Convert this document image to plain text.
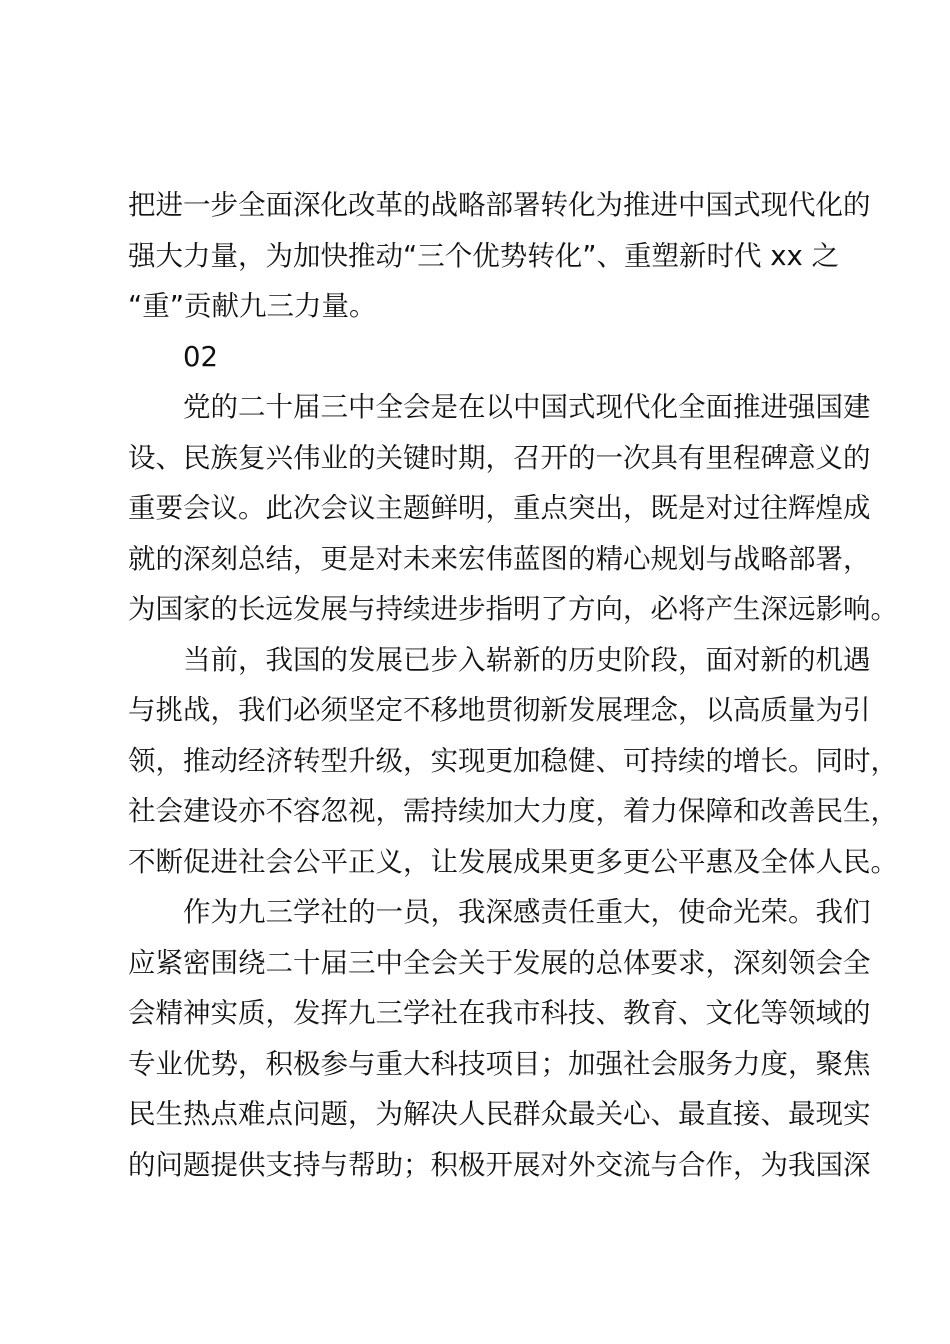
把进一步全面深化改革的战略部署转化为推进中国式现代化的
强大力量，为加快推动“三个优势转化”、重塑新时代 xx 之
“重”贡献九三力量。
02
党的二十届三中全会是在以中国式现代化全面推进强国建
设、民族复兴伟业的关键时期，召开的一次具有里程碑意义的
重要会议。此次会议主题鲜明，重点突出，既是对过往辉煌成
就的深刻总结，更是对未来宏伟蓝图的精心规划与战略部署，
为国家的长远发展与持续进步指明了方向，必将产生深远影响。
当前，我国的发展已步入崭新的历史阶段，面对新的机遇
与挑战，我们必须坚定不移地贯彻新发展理念，以高质量为引
领，推动经济转型升级，实现更加稳健、可持续的增长。同时，
社会建设亦不容忽视，需持续加大力度，着力保障和改善民生，
不断促进社会公平正义，让发展成果更多更公平惠及全体人民。
作为九三学社的一员，我深感责任重大，使命光荣。我们
应紧密围绕二十届三中全会关于发展的总体要求，深刻领会全
会精神实质，发挥九三学社在我市科技、教育、文化等领域的
专业优势，积极参与重大科技项目；加强社会服务力度，聚焦
民生热点难点问题，为解决人民群众最关心、最直接、最现实
的问题提供支持与帮助；积极开展对外交流与合作，为我国深
